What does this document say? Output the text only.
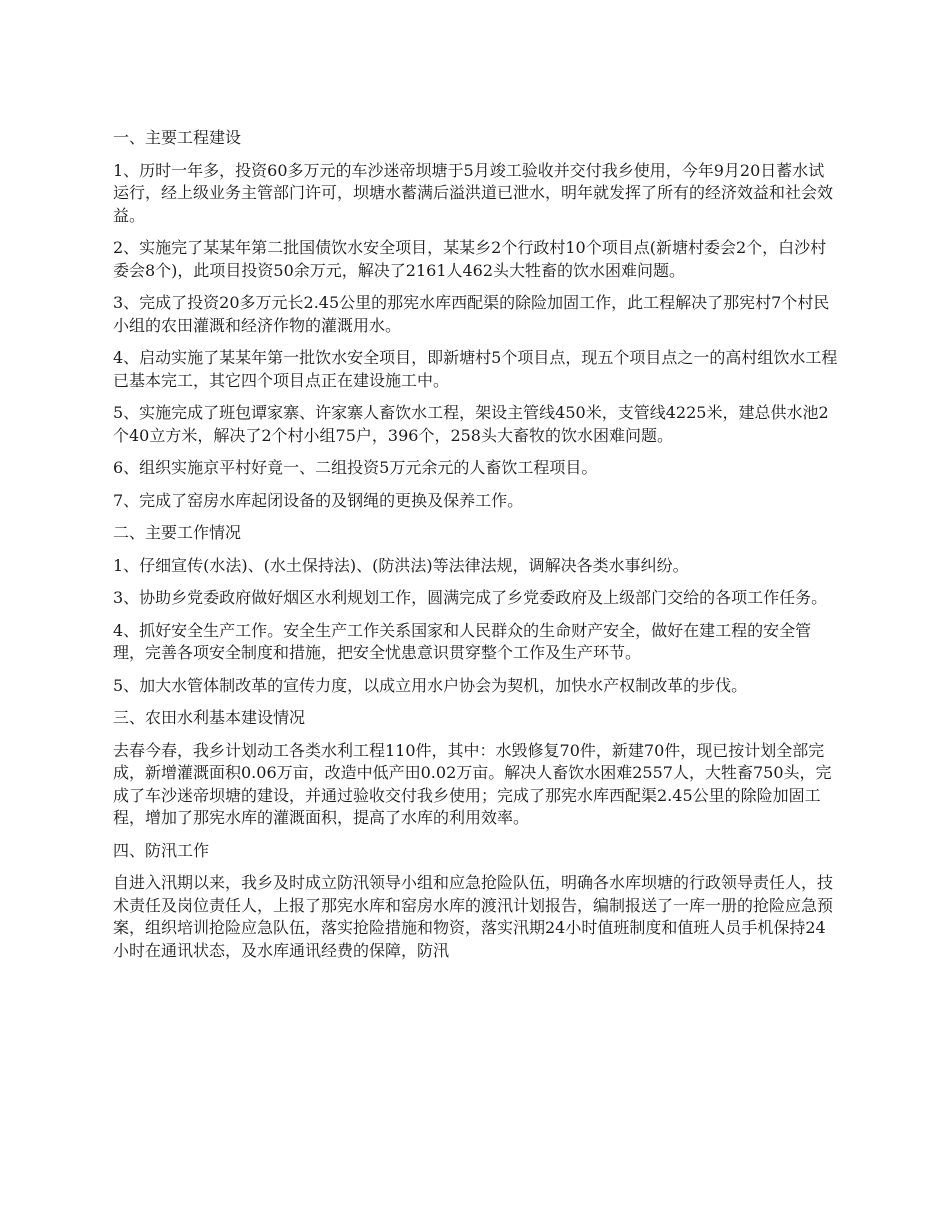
一、主要工程建设

1、历时一年多，投资60多万元的车沙迷帝坝塘于5月竣工验收并交付我乡使用，今年9月20日蓄水试运行，经上级业务主管部门许可，坝塘水蓄满后溢洪道已泄水，明年就发挥了所有的经济效益和社会效益。

2、实施完了某某年第二批国债饮水安全项目，某某乡2个行政村10个项目点(新塘村委会2个，白沙村委会8个)，此项目投资50余万元，解决了2161人462头大牲畜的饮水困难问题。

3、完成了投资20多万元长2.45公里的那宪水库西配渠的除险加固工作，此工程解决了那宪村7个村民小组的农田灌溉和经济作物的灌溉用水。

4、启动实施了某某年第一批饮水安全项目，即新塘村5个项目点，现五个项目点之一的高村组饮水工程已基本完工，其它四个项目点正在建设施工中。

5、实施完成了班包谭家寨、许家寨人畜饮水工程，架设主管线450米，支管线4225米，建总供水池2个40立方米，解决了2个村小组75户，396个，258头大畜牧的饮水困难问题。

6、组织实施京平村好竟一、二组投资5万元余元的人畜饮工程项目。

7、完成了窑房水库起闭设备的及钢绳的更换及保养工作。

二、主要工作情况

1、仔细宣传(水法)、(水土保持法)、(防洪法)等法律法规，调解决各类水事纠纷。

3、协助乡党委政府做好烟区水利规划工作，圆满完成了乡党委政府及上级部门交给的各项工作任务。

4、抓好安全生产工作。安全生产工作关系国家和人民群众的生命财产安全，做好在建工程的安全管理，完善各项安全制度和措施，把安全忧患意识贯穿整个工作及生产环节。

5、加大水管体制改革的宣传力度，以成立用水户协会为契机，加快水产权制改革的步伐。

三、农田水利基本建设情况

去春今春，我乡计划动工各类水利工程110件，其中：水毁修复70件，新建70件，现已按计划全部完成，新增灌溉面积0.06万亩，改造中低产田0.02万亩。解决人畜饮水困难2557人，大牲畜750头，完成了车沙迷帝坝塘的建设，并通过验收交付我乡使用；完成了那宪水库西配渠2.45公里的除险加固工程，增加了那宪水库的灌溉面积，提高了水库的利用效率。

四、防汛工作

自进入汛期以来，我乡及时成立防汛领导小组和应急抢险队伍，明确各水库坝塘的行政领导责任人，技术责任及岗位责任人，上报了那宪水库和窑房水库的渡汛计划报告，编制报送了一库一册的抢险应急预案，组织培训抢险应急队伍，落实抢险措施和物资，落实汛期24小时值班制度和值班人员手机保持24小时在通讯状态，及水库通讯经费的保障，防汛
